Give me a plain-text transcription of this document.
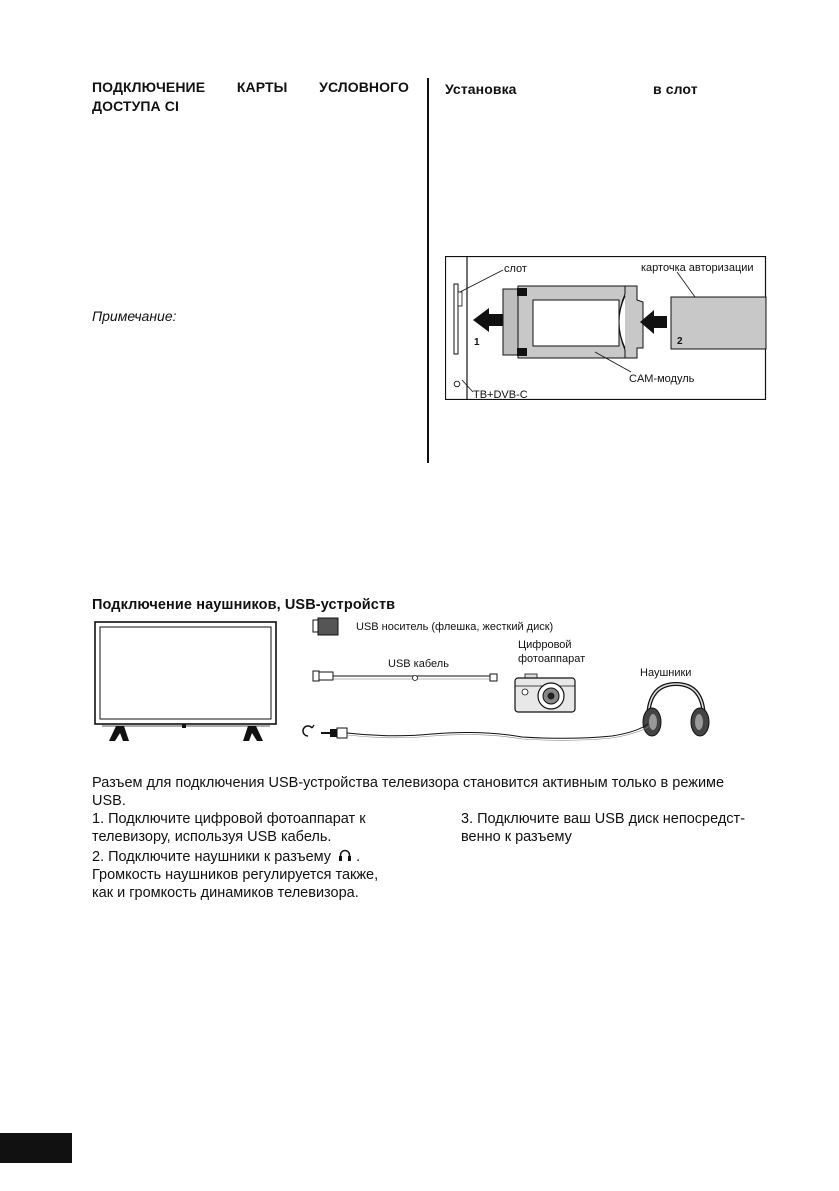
ПОДКЛЮЧЕНИЕ КАРТЫ УСЛОВНОГО
ДОСТУПА CI
Примечание:
Установка	в слот
слот
ТВ+DVB-C
1
CAM-модуль
карточка авторизации
2
Подключение наушников, USB-устройств
USB носитель (флешка, жесткий диск)
USB кабель
Цифровой
фотоаппарат
Наушники
Разъем для подключения USB-устройства телевизора становится активным только в режиме
USB.
1. Подключите цифровой фотоаппарат к
телевизору, используя USB кабель.
2. Подключите наушники к разъему  .
Громкость наушников регулируется также,
как и громкость динамиков телевизора.
3. Подключите ваш USB диск непосредст-
венно к разъему
